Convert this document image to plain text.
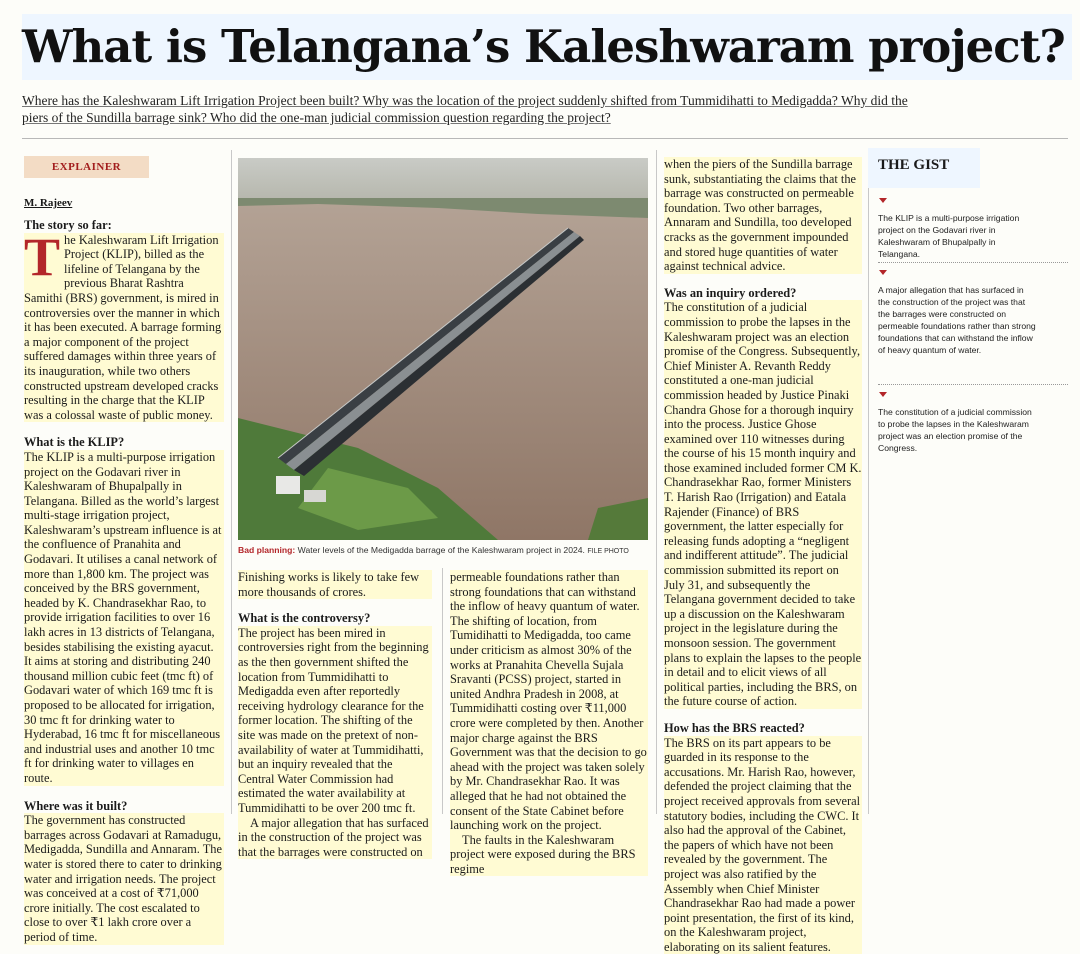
What is Telangana’s Kaleshwaram project?
Where has the Kaleshwaram Lift Irrigation Project been built? Why was the location of the project suddenly shifted from Tummidihatti to Medigadda? Why did the piers of the Sundilla barrage sink? Who did the one-man judicial commission question regarding the project?
EXPLAINER
M. Rajeev
The story so far:

The Kaleshwaram Lift Irrigation Project (KLIP), billed as the lifeline of Telangana by the previous Bharat Rashtra Samithi (BRS) government, is mired in controversies over the manner in which it has been executed. A barrage forming a major component of the project suffered damages within three years of its inauguration, while two others constructed upstream developed cracks resulting in the charge that the KLIP was a colossal waste of public money.

What is the KLIP?

The KLIP is a multi-purpose irrigation project on the Godavari river in Kaleshwaram of Bhupalpally in Telangana. Billed as the world’s largest multi-stage irrigation project, Kaleshwaram’s upstream influence is at the confluence of Pranahita and Godavari. It utilises a canal network of more than 1,800 km. The project was conceived by the BRS government, headed by K. Chandrasekhar Rao, to provide irrigation facilities to over 16 lakh acres in 13 districts of Telangana, besides stabilising the existing ayacut. It aims at storing and distributing 240 thousand million cubic feet (tmc ft) of Godavari water of which 169 tmc ft is proposed to be allocated for irrigation, 30 tmc ft for drinking water to Hyderabad, 16 tmc ft for miscellaneous and industrial uses and another 10 tmc ft for drinking water to villages en route.

Where was it built?

The government has constructed barrages across Godavari at Ramadugu, Medigadda, Sundilla and Annaram. The water is stored there to cater to drinking water and irrigation needs. The project was conceived at a cost of ₹71,000 crore initially. The cost escalated to close to over ₹1 lakh crore over a period of time.

Bad planning: Water levels of the Medigadda barrage of the Kaleshwaram project in 2024. FILE PHOTO

Finishing works is likely to take few more thousands of crores.

What is the controversy?

The project has been mired in controversies right from the beginning as the then government shifted the location from Tummidihatti to Medigadda even after reportedly receiving hydrology clearance for the former location. The shifting of the site was made on the pretext of non-availability of water at Tummidihatti, but an inquiry revealed that the Central Water Commission had estimated the water availability at Tummidihatti to be over 200 tmc ft.

A major allegation that has surfaced in the construction of the project was that the barrages were constructed on

permeable foundations rather than strong foundations that can withstand the inflow of heavy quantum of water. The shifting of location, from Tumidihatti to Medigadda, too came under criticism as almost 30% of the works at Pranahita Chevella Sujala Sravanti (PCSS) project, started in united Andhra Pradesh in 2008, at Tummidihatti costing over ₹11,000 crore were completed by then. Another major charge against the BRS Government was that the decision to go ahead with the project was taken solely by Mr. Chandrasekhar Rao. It was alleged that he had not obtained the consent of the State Cabinet before launching work on the project.

The faults in the Kaleshwaram project were exposed during the BRS regime

when the piers of the Sundilla barrage sunk, substantiating the claims that the barrage was constructed on permeable foundation. Two other barrages, Annaram and Sundilla, too developed cracks as the government impounded and stored huge quantities of water against technical advice.

Was an inquiry ordered?

The constitution of a judicial commission to probe the lapses in the Kaleshwaram project was an election promise of the Congress. Subsequently, Chief Minister A. Revanth Reddy constituted a one-man judicial commission headed by Justice Pinaki Chandra Ghose for a thorough inquiry into the process. Justice Ghose examined over 110 witnesses during the course of his 15 month inquiry and those examined included former CM K. Chandrasekhar Rao, former Ministers T. Harish Rao (Irrigation) and Eatala Rajender (Finance) of BRS government, the latter especially for releasing funds adopting a “negligent and indifferent attitude”. The judicial commission submitted its report on July 31, and subsequently the Telangana government decided to take up a discussion on the Kaleshwaram project in the legislature during the monsoon session. The government plans to explain the lapses to the people in detail and to elicit views of all political parties, including the BRS, on the future course of action.

How has the BRS reacted?

The BRS on its part appears to be guarded in its response to the accusations. Mr. Harish Rao, however, defended the project claiming that the project received approvals from several statutory bodies, including the CWC. It also had the approval of the Cabinet, the papers of which have not been revealed by the government. The project was also ratified by the Assembly when Chief Minister Chandrasekhar Rao had made a power point presentation, the first of its kind, on the Kaleshwaram project, elaborating on its salient features.

THE GIST
The KLIP is a multi-purpose irrigation project on the Godavari river in Kaleshwaram of Bhupalpally in Telangana.
A major allegation that has surfaced in the construction of the project was that the barrages were constructed on permeable foundations rather than strong foundations that can withstand the inflow of heavy quantum of water.
The constitution of a judicial commission to probe the lapses in the Kaleshwaram project was an election promise of the Congress.
